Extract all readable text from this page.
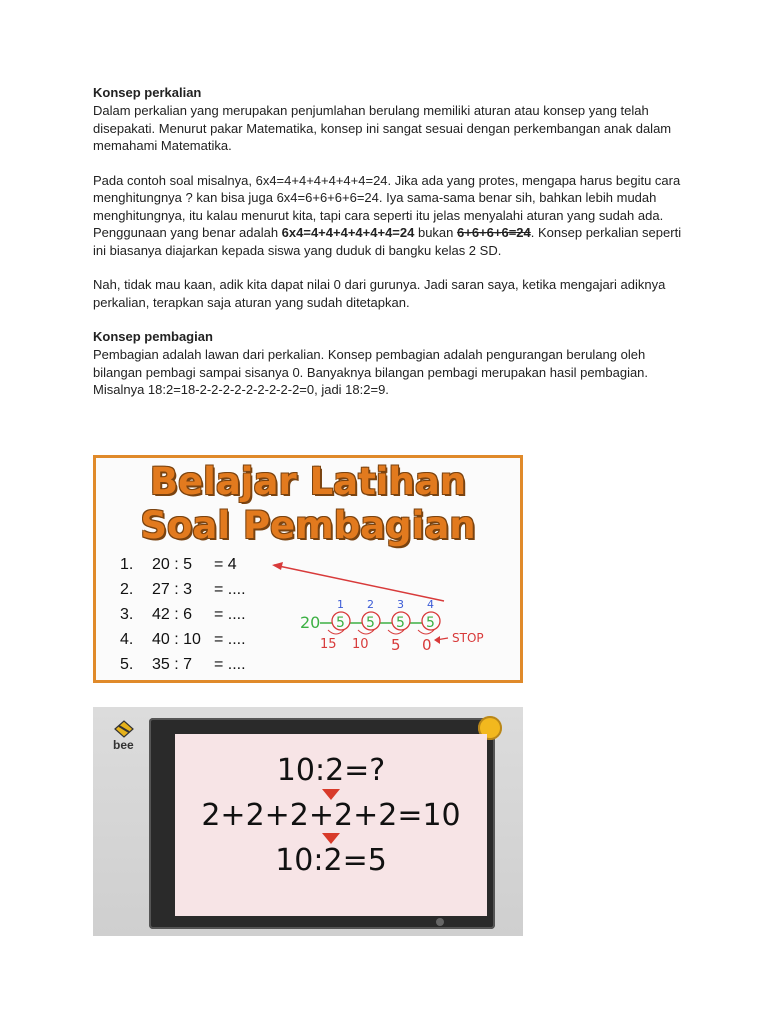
Konsep perkalian

Dalam perkalian yang merupakan penjumlahan berulang memiliki aturan atau konsep yang telah disepakati. Menurut pakar Matematika, konsep ini sangat sesuai dengan perkembangan anak dalam memahami Matematika.

Pada contoh soal misalnya, 6x4=4+4+4+4+4+4=24. Jika ada yang protes, mengapa harus begitu cara menghitungnya ? kan bisa juga 6x4=6+6+6+6=24. Iya sama-sama benar sih, bahkan lebih mudah menghitungnya, itu kalau menurut kita, tapi cara seperti itu jelas menyalahi aturan yang sudah ada. Penggunaan yang benar adalah 6x4=4+4+4+4+4+4=24 bukan 6+6+6+6=24. Konsep perkalian seperti ini biasanya diajarkan kepada siswa yang duduk di bangku kelas 2 SD.

Nah, tidak mau kaan, adik kita dapat nilai 0 dari gurunya. Jadi saran saya, ketika mengajari adiknya perkalian, terapkan saja aturan yang sudah ditetapkan.

Konsep pembagian

Pembagian adalah lawan dari perkalian. Konsep pembagian adalah pengurangan berulang oleh bilangan pembagi sampai sisanya 0. Banyaknya bilangan pembagi merupakan hasil pembagian. Misalnya 18:2=18-2-2-2-2-2-2-2-2-2=0, jadi 18:2=9.

Belajar Latihan
Soal Pembagian
1.	20 : 5	= 4
2.	27 : 3	= ....
3.	42 : 6	= ....
4.	40 : 10 = ....
5.	35 : 7	= ....
20 5 5 5 5
1 2 3 4
15 10 5 0 STOP
bee
10:2=?
2+2+2+2+2=10
10:2=5
